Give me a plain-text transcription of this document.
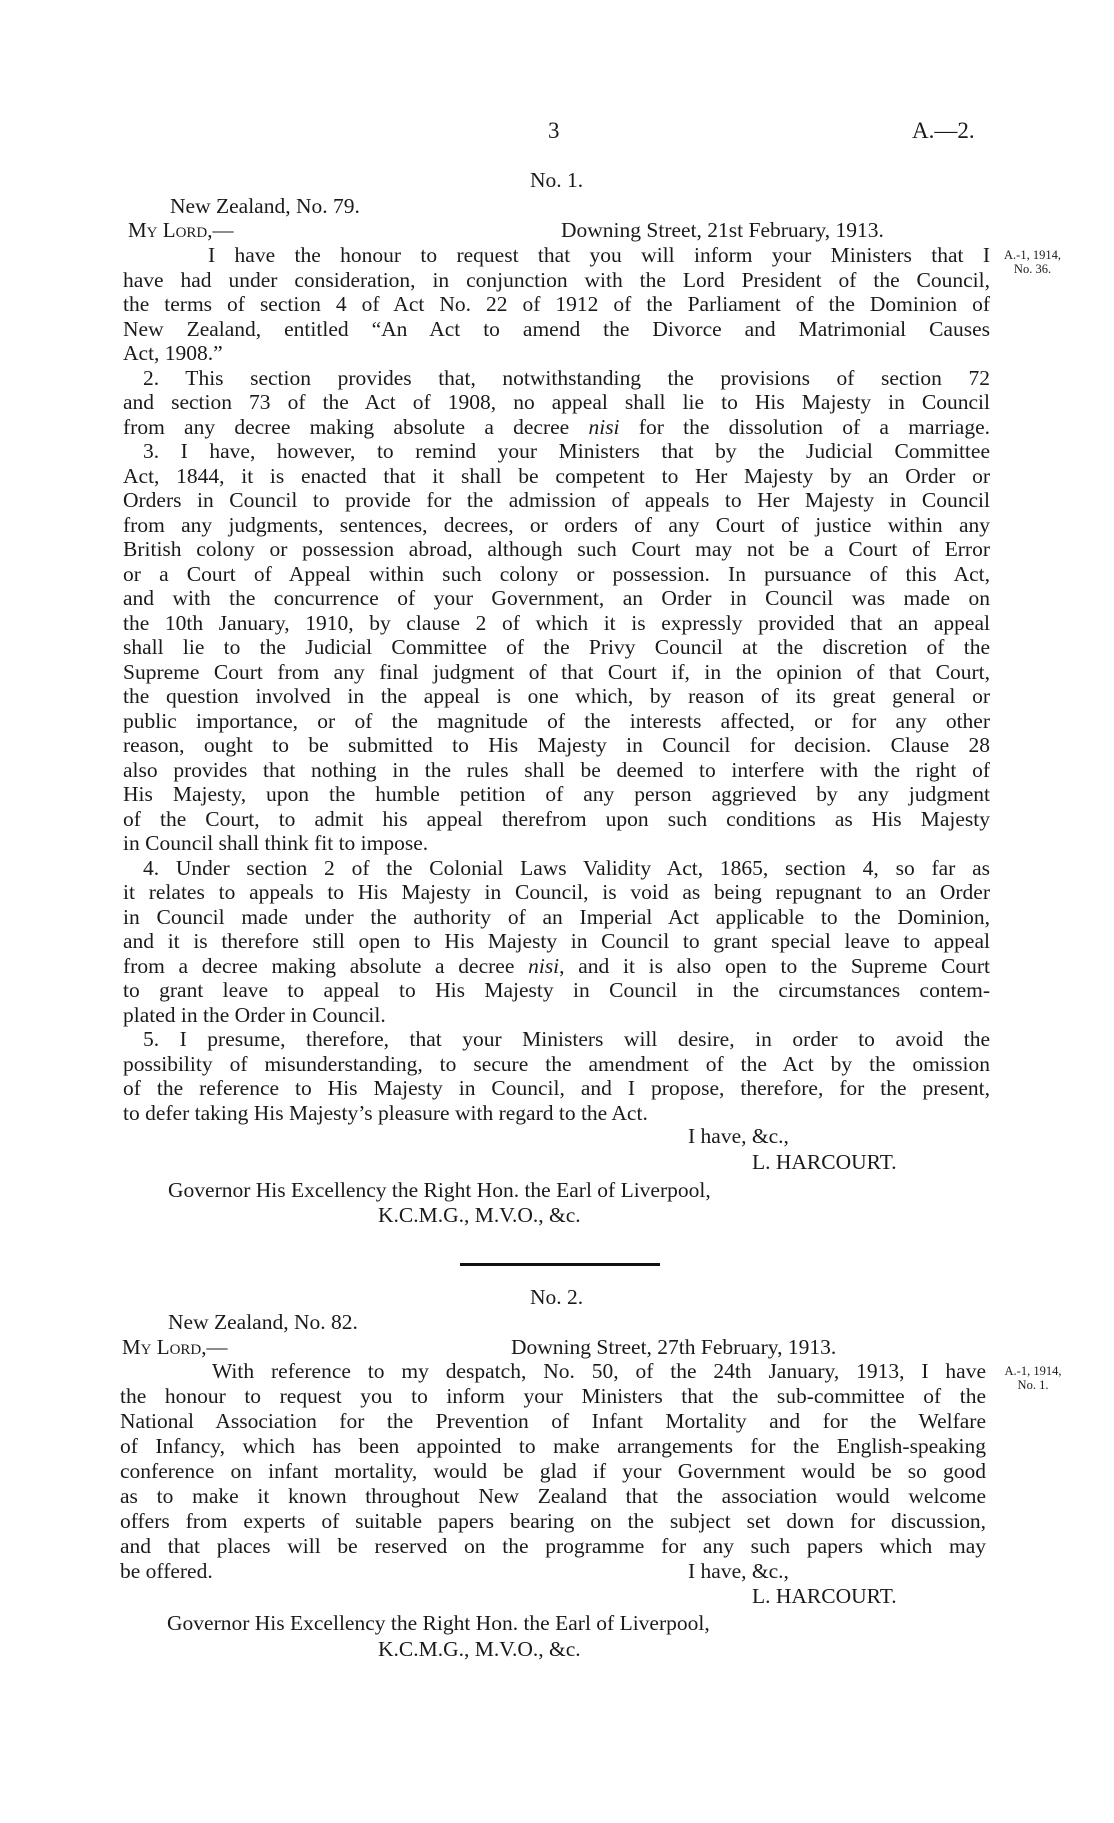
3	A.—2.
No. 1.
New Zealand, No. 79.
My Lord,—	Downing Street, 21st February, 1913.
A.-1, 1914,
No. 36.
I have the honour to request that you will inform your Ministers that I
have had under consideration, in conjunction with the Lord President of the Council,
the terms of section 4 of Act No. 22 of 1912 of the Parliament of the Dominion of
New Zealand, entitled “An Act to amend the Divorce and Matrimonial Causes
Act, 1908.”
2. This section provides that, notwithstanding the provisions of section 72
and section 73 of the Act of 1908, no appeal shall lie to His Majesty in Council
from any decree making absolute a decree nisi for the dissolution of a marriage.
3. I have, however, to remind your Ministers that by the Judicial Committee
Act, 1844, it is enacted that it shall be competent to Her Majesty by an Order or
Orders in Council to provide for the admission of appeals to Her Majesty in Council
from any judgments, sentences, decrees, or orders of any Court of justice within any
British colony or possession abroad, although such Court may not be a Court of Error
or a Court of Appeal within such colony or possession. In pursuance of this Act,
and with the concurrence of your Government, an Order in Council was made on
the 10th January, 1910, by clause 2 of which it is expressly provided that an appeal
shall lie to the Judicial Committee of the Privy Council at the discretion of the
Supreme Court from any final judgment of that Court if, in the opinion of that Court,
the question involved in the appeal is one which, by reason of its great general or
public importance, or of the magnitude of the interests affected, or for any other
reason, ought to be submitted to His Majesty in Council for decision. Clause 28
also provides that nothing in the rules shall be deemed to interfere with the right of
His Majesty, upon the humble petition of any person aggrieved by any judgment
of the Court, to admit his appeal therefrom upon such conditions as His Majesty
in Council shall think fit to impose.
4. Under section 2 of the Colonial Laws Validity Act, 1865, section 4, so far as
it relates to appeals to His Majesty in Council, is void as being repugnant to an Order
in Council made under the authority of an Imperial Act applicable to the Dominion,
and it is therefore still open to His Majesty in Council to grant special leave to appeal
from a decree making absolute a decree nisi, and it is also open to the Supreme Court
to grant leave to appeal to His Majesty in Council in the circumstances contem-
plated in the Order in Council.
5. I presume, therefore, that your Ministers will desire, in order to avoid the
possibility of misunderstanding, to secure the amendment of the Act by the omission
of the reference to His Majesty in Council, and I propose, therefore, for the present,
to defer taking His Majesty’s pleasure with regard to the Act.
I have, &c.,
L. HARCOURT.
Governor His Excellency the Right Hon. the Earl of Liverpool,
K.C.M.G., M.V.O., &c.
No. 2.
New Zealand, No. 82.
My Lord,—	Downing Street, 27th February, 1913.
A.-1, 1914,
No. 1.
With reference to my despatch, No. 50, of the 24th January, 1913, I have
the honour to request you to inform your Ministers that the sub-committee of the
National Association for the Prevention of Infant Mortality and for the Welfare
of Infancy, which has been appointed to make arrangements for the English-speaking
conference on infant mortality, would be glad if your Government would be so good
as to make it known throughout New Zealand that the association would welcome
offers from experts of suitable papers bearing on the subject set down for discussion,
and that places will be reserved on the programme for any such papers which may
be offered.	I have, &c.,
L. HARCOURT.
Governor His Excellency the Right Hon. the Earl of Liverpool,
K.C.M.G., M.V.O., &c.
